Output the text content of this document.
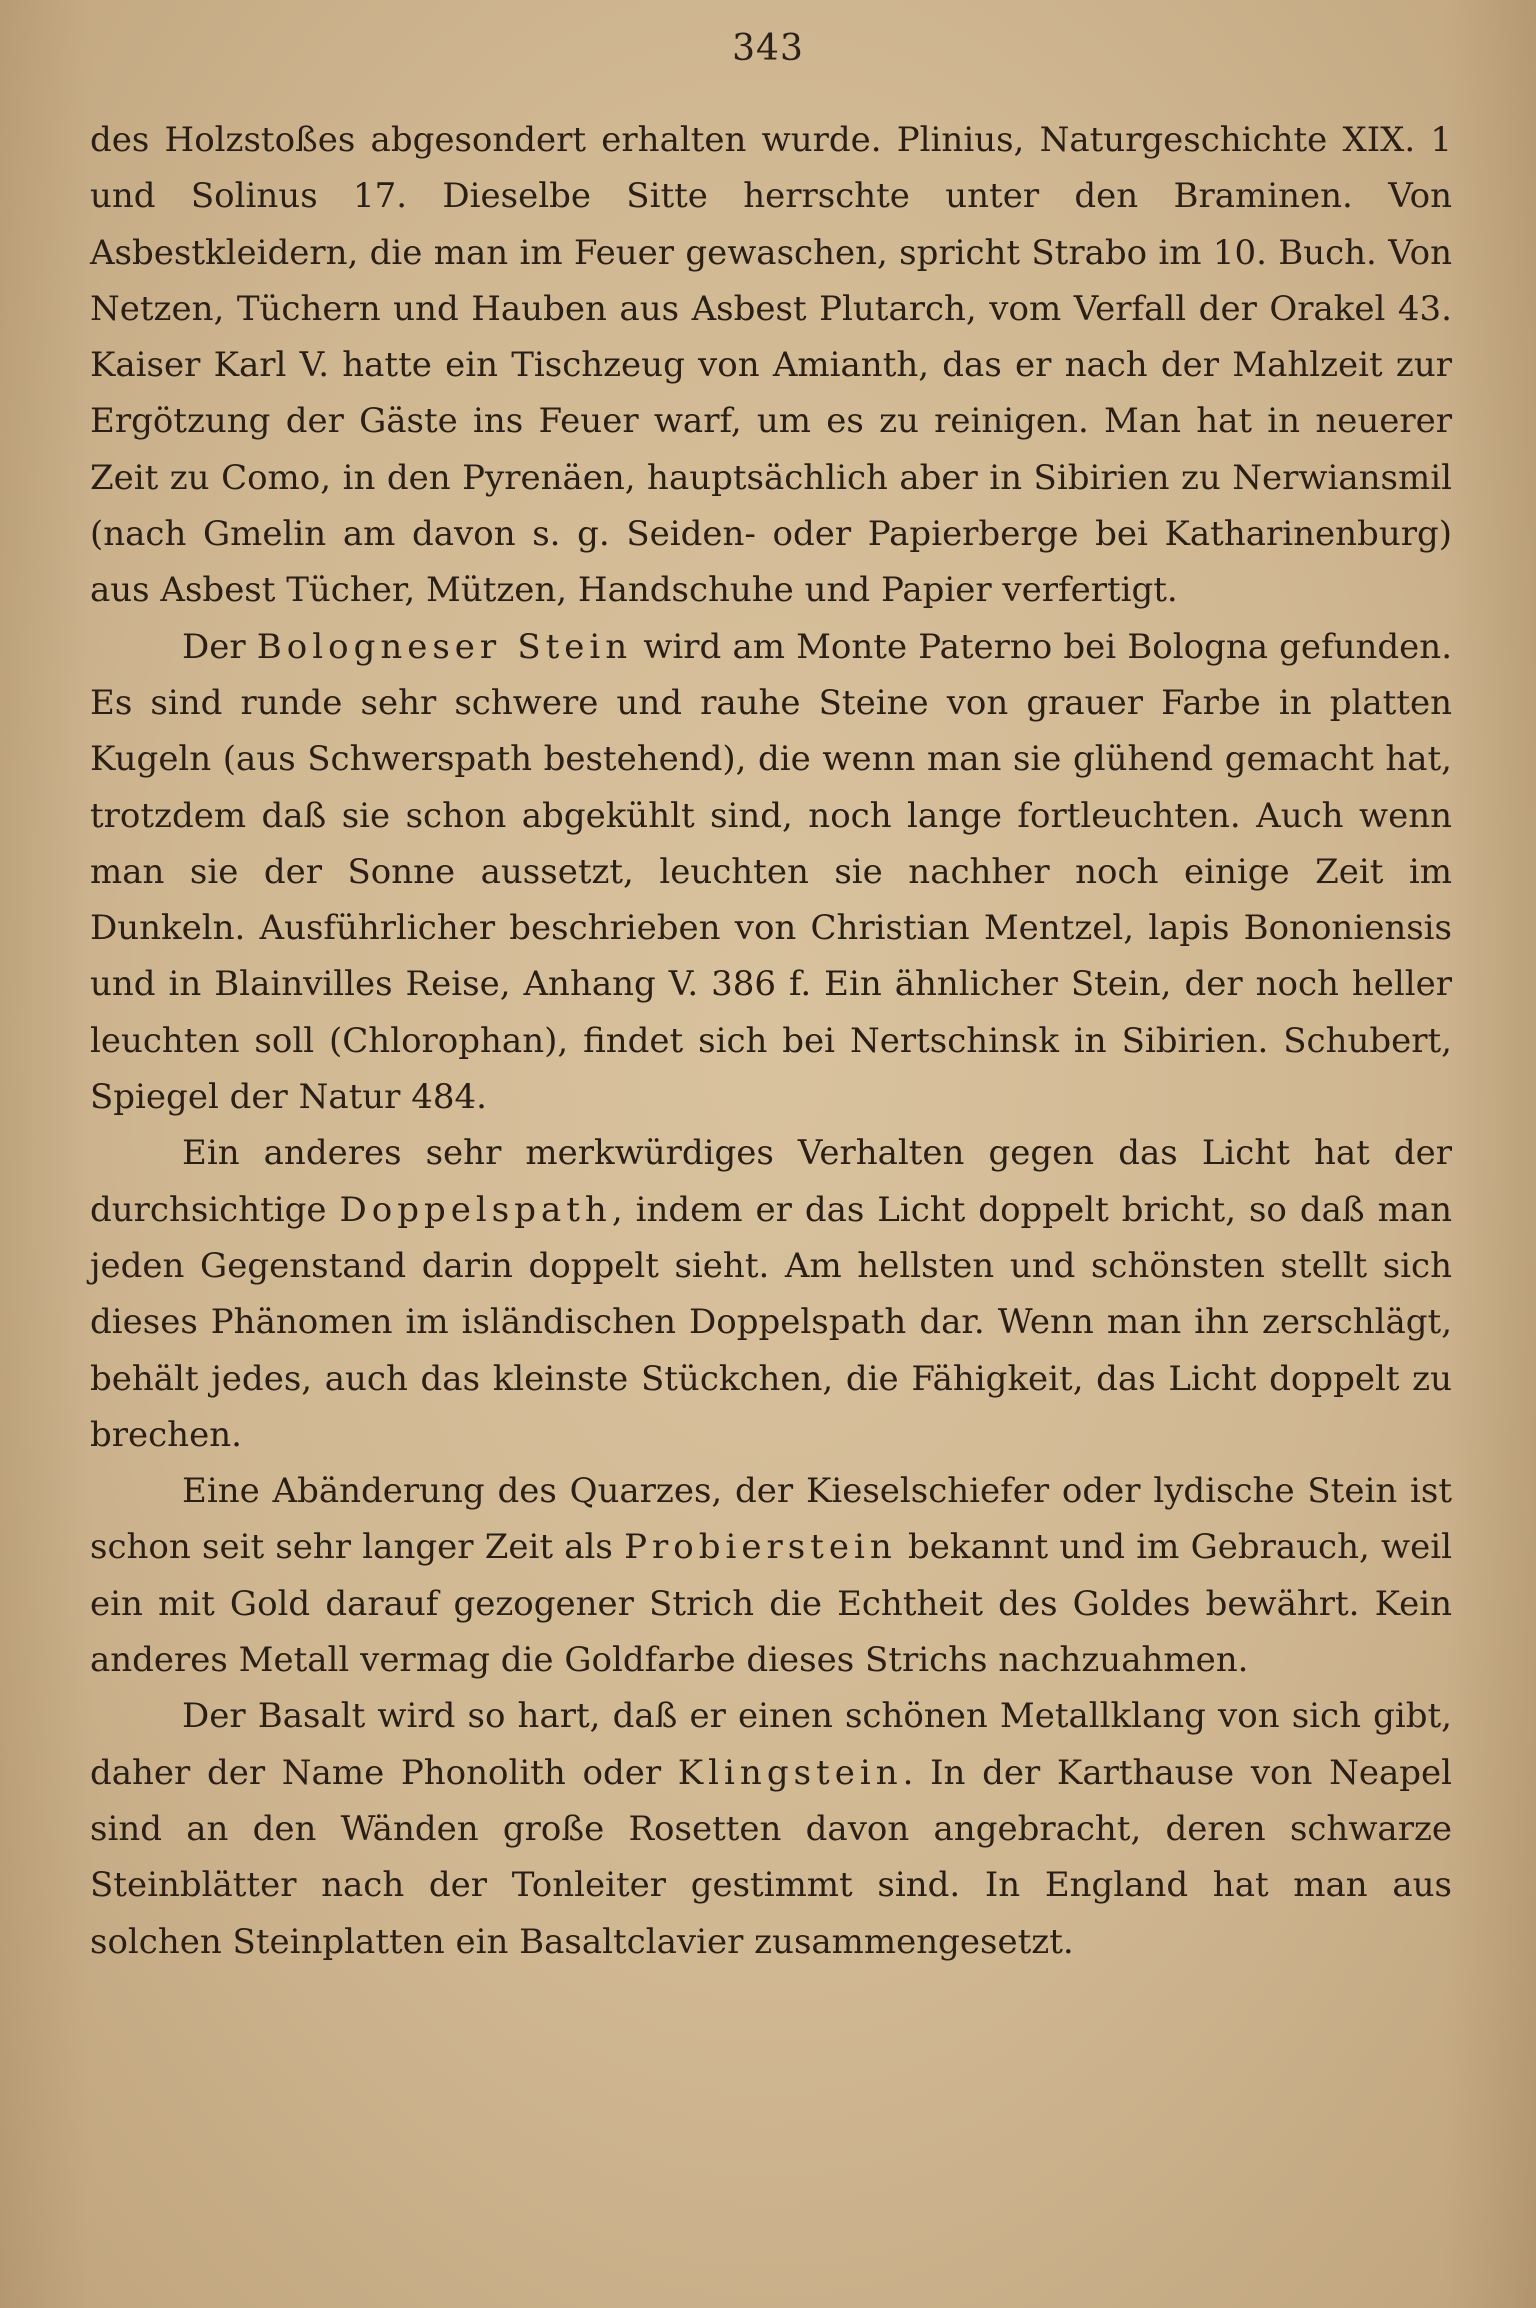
343

des Holzstoßes abgesondert erhalten wurde. Plinius, Naturgeschichte XIX. 1 und Solinus 17. Dieselbe Sitte herrschte unter den Braminen. Von Asbestkleidern, die man im Feuer gewaschen, spricht Strabo im 10. Buch. Von Netzen, Tüchern und Hauben aus Asbest Plutarch, vom Verfall der Orakel 43. Kaiser Karl V. hatte ein Tischzeug von Amianth, das er nach der Mahlzeit zur Ergötzung der Gäste ins Feuer warf, um es zu reinigen. Man hat in neuerer Zeit zu Como, in den Pyrenäen, hauptsächlich aber in Sibirien zu Nerwiansmil (nach Gmelin am davon s. g. Seiden- oder Papierberge bei Katharinenburg) aus Asbest Tücher, Mützen, Handschuhe und Papier verfertigt.

Der Bologneser Stein wird am Monte Paterno bei Bologna gefunden. Es sind runde sehr schwere und rauhe Steine von grauer Farbe in platten Kugeln (aus Schwerspath bestehend), die wenn man sie glühend gemacht hat, trotzdem daß sie schon abgekühlt sind, noch lange fortleuchten. Auch wenn man sie der Sonne aussetzt, leuchten sie nachher noch einige Zeit im Dunkeln. Ausführlicher beschrieben von Christian Mentzel, lapis Bononiensis und in Blainvilles Reise, Anhang V. 386 f. Ein ähnlicher Stein, der noch heller leuchten soll (Chlorophan), findet sich bei Nertschinsk in Sibirien. Schubert, Spiegel der Natur 484.

Ein anderes sehr merkwürdiges Verhalten gegen das Licht hat der durchsichtige Doppelspath, indem er das Licht doppelt bricht, so daß man jeden Gegenstand darin doppelt sieht. Am hellsten und schönsten stellt sich dieses Phänomen im isländischen Doppelspath dar. Wenn man ihn zerschlägt, behält jedes, auch das kleinste Stückchen, die Fähigkeit, das Licht doppelt zu brechen.

Eine Abänderung des Quarzes, der Kieselschiefer oder lydische Stein ist schon seit sehr langer Zeit als Probierstein bekannt und im Gebrauch, weil ein mit Gold darauf gezogener Strich die Echtheit des Goldes bewährt. Kein anderes Metall vermag die Goldfarbe dieses Strichs nachzuahmen.

Der Basalt wird so hart, daß er einen schönen Metallklang von sich gibt, daher der Name Phonolith oder Klingstein. In der Karthause von Neapel sind an den Wänden große Rosetten davon angebracht, deren schwarze Steinblätter nach der Tonleiter gestimmt sind. In England hat man aus solchen Steinplatten ein Basaltclavier zusammengesetzt.
